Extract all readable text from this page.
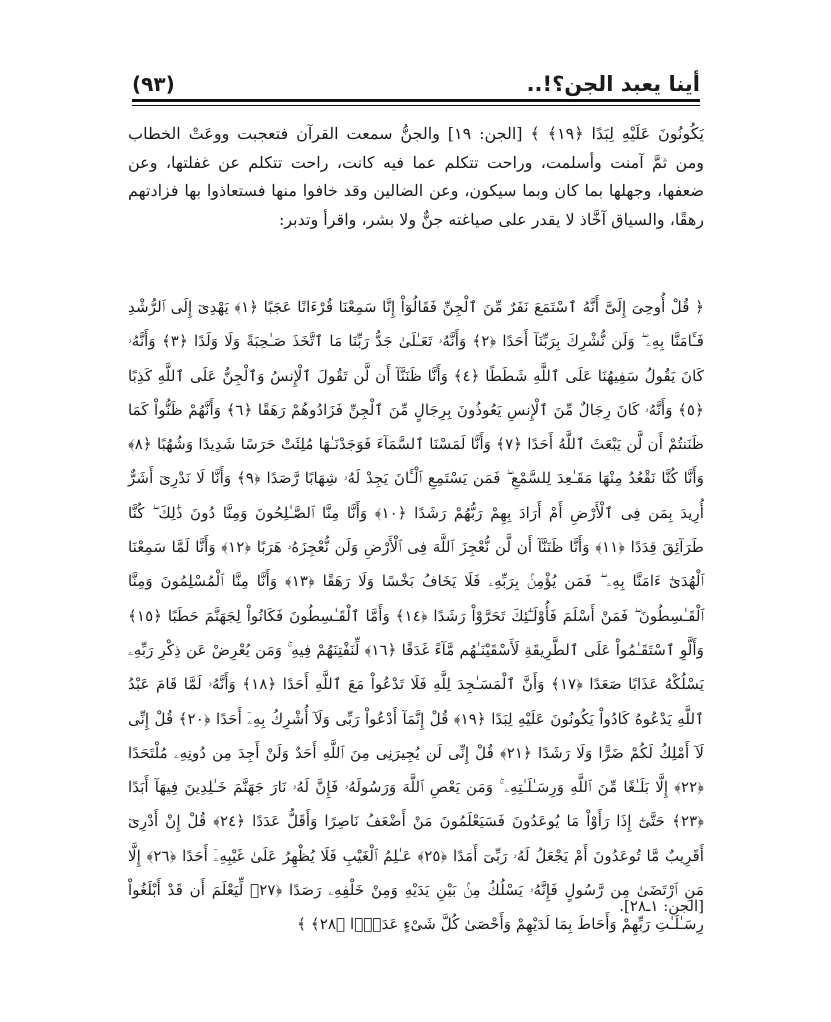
أينا يعبد الجن؟!..
(٩٣)

يَكُونُونَ عَلَيْهِ لِبَدًا ﴿١٩﴾ ﴾ [الجن: ١٩] والجنُّ سمعت القرآن فتعجبت ووعَتْ الخطاب ومن ثمَّ آمنت وأسلمت، وراحت تتكلم عما فيه كانت، راحت تتكلم عن غفلتها، وعن ضعفها، وجهلها بما كان وبما سيكون، وعن الضالين وقد خافوا منها فستعاذوا بها فزادتهم رهقًا، والسياق آخَّاذ لا يقدر على صياغته جنٌّ ولا بشر، واقرأ وتدبر:

﴿ قُلْ أُوحِىَ إِلَىَّ أَنَّهُ ٱسْتَمَعَ نَفَرٌ مِّنَ ٱلْجِنِّ فَقَالُوٓاْ إِنَّا سَمِعْنَا قُرْءَانًا عَجَبًا ﴿١﴾ يَهْدِىٓ إِلَى ٱلرُّشْدِ فَـَٔامَنَّا بِهِۦ ۖ وَلَن نُّشْرِكَ بِرَبِّنَآ أَحَدًا ﴿٢﴾ وَأَنَّهُۥ تَعَـٰلَىٰ جَدُّ رَبِّنَا مَا ٱتَّخَذَ صَـٰحِبَةً وَلَا وَلَدًا ﴿٣﴾ وَأَنَّهُۥ كَانَ يَقُولُ سَفِيهُنَا عَلَى ٱللَّهِ شَطَطًا ﴿٤﴾ وَأَنَّا ظَنَنَّآ أَن لَّن تَقُولَ ٱلْإِنسُ وَٱلْجِنُّ عَلَى ٱللَّهِ كَذِبًا ﴿٥﴾ وَأَنَّهُۥ كَانَ رِجَالٌ مِّنَ ٱلْإِنسِ يَعُوذُونَ بِرِجَالٍ مِّنَ ٱلْجِنِّ فَزَادُوهُمْ رَهَقًا ﴿٦﴾ وَأَنَّهُمْ ظَنُّواْ كَمَا ظَنَنتُمْ أَن لَّن يَبْعَثَ ٱللَّهُ أَحَدًا ﴿٧﴾ وَأَنَّا لَمَسْنَا ٱلسَّمَآءَ فَوَجَدْنَـٰهَا مُلِئَتْ حَرَسًا شَدِيدًا وَشُهُبًا ﴿٨﴾ وَأَنَّا كُنَّا نَقْعُدُ مِنْهَا مَقَـٰعِدَ لِلسَّمْعِ ۖ فَمَن يَسْتَمِعِ ٱلْـَٔانَ يَجِدْ لَهُۥ شِهَابًا رَّصَدًا ﴿٩﴾ وَأَنَّا لَا نَدْرِىٓ أَشَرٌّ أُرِيدَ بِمَن فِى ٱلْأَرْضِ أَمْ أَرَادَ بِهِمْ رَبُّهُمْ رَشَدًا ﴿١٠﴾ وَأَنَّا مِنَّا ٱلصَّـٰلِحُونَ وَمِنَّا دُونَ ذَٰلِكَ ۖ كُنَّا طَرَآئِقَ قِدَدًا ﴿١١﴾ وَأَنَّا ظَنَنَّآ أَن لَّن نُّعْجِزَ ٱللَّهَ فِى ٱلْأَرْضِ وَلَن نُّعْجِزَهُۥ هَرَبًا ﴿١٢﴾ وَأَنَّا لَمَّا سَمِعْنَا ٱلْهُدَىٰٓ ءَامَنَّا بِهِۦ ۖ فَمَن يُؤْمِنۢ بِرَبِّهِۦ فَلَا يَخَافُ بَخْسًا وَلَا رَهَقًا ﴿١٣﴾ وَأَنَّا مِنَّا ٱلْمُسْلِمُونَ وَمِنَّا ٱلْقَـٰسِطُونَ ۖ فَمَنْ أَسْلَمَ فَأُوْلَـٰٓئِكَ تَحَرَّوْاْ رَشَدًا ﴿١٤﴾ وَأَمَّا ٱلْقَـٰسِطُونَ فَكَانُواْ لِجَهَنَّمَ حَطَبًا ﴿١٥﴾ وَأَلَّوِ ٱسْتَقَـٰمُواْ عَلَى ٱلطَّرِيقَةِ لَأَسْقَيْنَـٰهُم مَّآءً غَدَقًا ﴿١٦﴾ لِّنَفْتِنَهُمْ فِيهِ ۚ وَمَن يُعْرِضْ عَن ذِكْرِ رَبِّهِۦ يَسْلُكْهُ عَذَابًا صَعَدًا ﴿١٧﴾ وَأَنَّ ٱلْمَسَـٰجِدَ لِلَّهِ فَلَا تَدْعُواْ مَعَ ٱللَّهِ أَحَدًا ﴿١٨﴾ وَأَنَّهُۥ لَمَّا قَامَ عَبْدُ ٱللَّهِ يَدْعُوهُ كَادُواْ يَكُونُونَ عَلَيْهِ لِبَدًا ﴿١٩﴾ قُلْ إِنَّمَآ أَدْعُواْ رَبِّى وَلَآ أُشْرِكُ بِهِۦٓ أَحَدًا ﴿٢٠﴾ قُلْ إِنِّى لَآ أَمْلِكُ لَكُمْ ضَرًّا وَلَا رَشَدًا ﴿٢١﴾ قُلْ إِنِّى لَن يُجِيرَنِى مِنَ ٱللَّهِ أَحَدٌ وَلَنْ أَجِدَ مِن دُونِهِۦ مُلْتَحَدًا ﴿٢٢﴾ إِلَّا بَلَـٰغًا مِّنَ ٱللَّهِ وَرِسَـٰلَـٰتِهِۦ ۚ وَمَن يَعْصِ ٱللَّهَ وَرَسُولَهُۥ فَإِنَّ لَهُۥ نَارَ جَهَنَّمَ خَـٰلِدِينَ فِيهَآ أَبَدًا ﴿٢٣﴾ حَتَّىٰٓ إِذَا رَأَوْاْ مَا يُوعَدُونَ فَسَيَعْلَمُونَ مَنْ أَضْعَفُ نَاصِرًا وَأَقَلُّ عَدَدًا ﴿٢٤﴾ قُلْ إِنْ أَدْرِىٓ أَقَرِيبٌ مَّا تُوعَدُونَ أَمْ يَجْعَلُ لَهُۥ رَبِّىٓ أَمَدًا ﴿٢٥﴾ عَـٰلِمُ ٱلْغَيْبِ فَلَا يُظْهِرُ عَلَىٰ غَيْبِهِۦٓ أَحَدًا ﴿٢٦﴾ إِلَّا مَنِ ٱرْتَضَىٰ مِن رَّسُولٍ فَإِنَّهُۥ يَسْلُكُ مِنۢ بَيْنِ يَدَيْهِ وَمِنْ خَلْفِهِۦ رَصَدًا ﴿٢٧﴾ لِّيَعْلَمَ أَن قَدْ أَبْلَغُواْ رِسَـٰلَـٰتِ رَبِّهِمْ وَأَحَاطَ بِمَا لَدَيْهِمْ وَأَحْصَىٰ كُلَّ شَىْءٍ عَدَدًۢا ﴿٢٨﴾ ﴾

[الجن: ١ـ٢٨].
